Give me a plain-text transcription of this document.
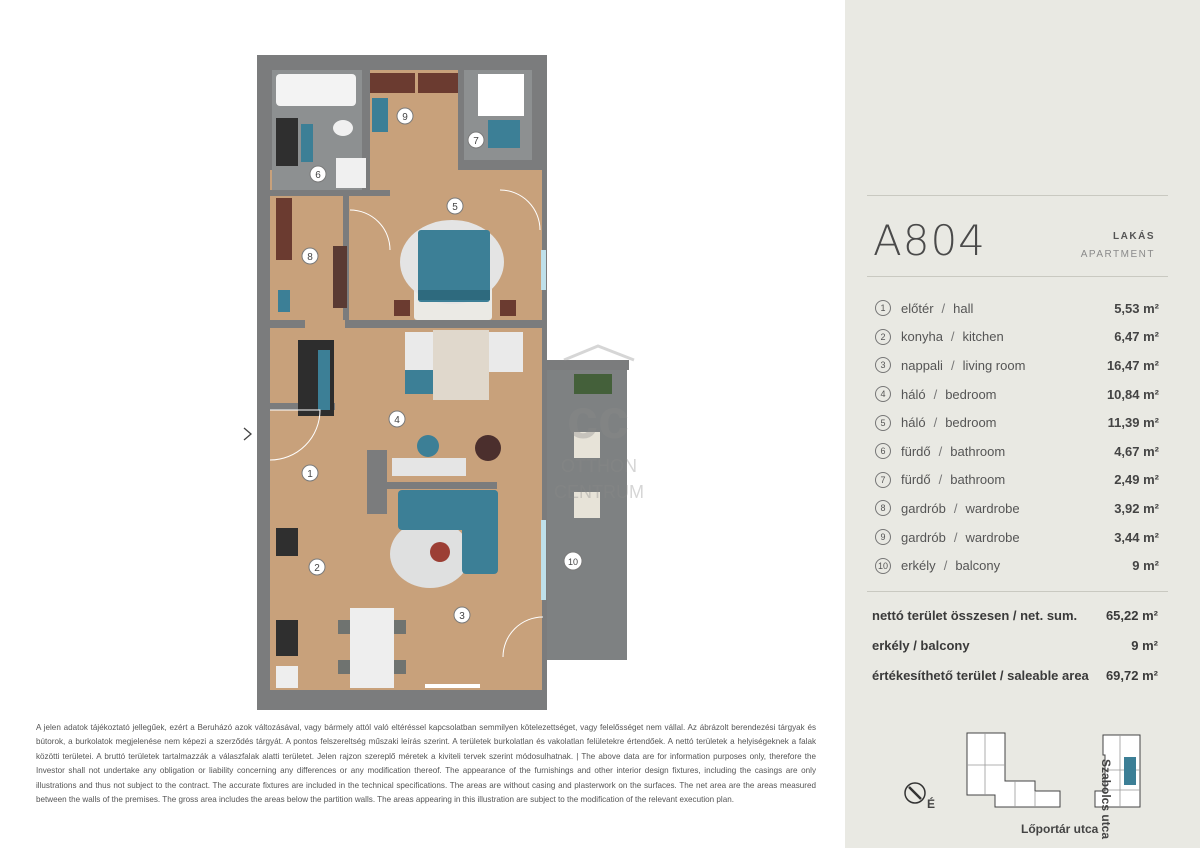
1
2
3
4
5
6
7
8
9
10
cc
OTTHON
CENTRUM

A jelen adatok tájékoztató jellegűek, ezért a Beruházó azok változásával, vagy bármely attól való eltéréssel kapcsolatban semmilyen kötelezettséget, vagy felelősséget nem vállal. Az ábrázolt berendezési tárgyak és bútorok, a burkolatok megjelenése nem képezi a szerződés tárgyát. A pontos felszereltség műszaki leírás szerint. A területek burkolatlan és vakolatlan felületekre értendőek. A nettó területek a helyiségeknek a falak közötti területei. A bruttó területek tartalmazzák a válaszfalak alatti területet. Jelen rajzon szereplő méretek a kiviteli tervek szerint módosulhatnak. | The above data are for information purposes only, therefore the Investor shall not undertake any obligation or liability concerning any differences or any modification thereof. The appearance of the furnishings and other interior design fixtures, including the casings are only illustrations and thus not subject to the contract. The accurate fixtures are included in the technical specifications. The areas are without casing and plasterwork on the surfaces. The net area are the areas measured between the walls of the premises. The gross area includes the areas below the partition walls. The areas appearing in this illustration are subject to the modification of the relevant execution plan.

A804	LAKÁS
APARTMENT
1	előtér / hall	5,53 m²
2	konyha / kitchen	6,47 m²
3	nappali / living room	16,47 m²
4	háló / bedroom	10,84 m²
5	háló / bedroom	11,39 m²
6	fürdő / bathroom	4,67 m²
7	fürdő / bathroom	2,49 m²
8	gardrób / wardrobe	3,92 m²
9	gardrób / wardrobe	3,44 m²
10 erkély / balcony	9 m²
nettó terület összesen / net. sum. 65,22 m²
erkély / balcony	9 m²
értékesíthető terület / saleable area 69,72 m²
É
Lőportár utca Szabolcs utca
